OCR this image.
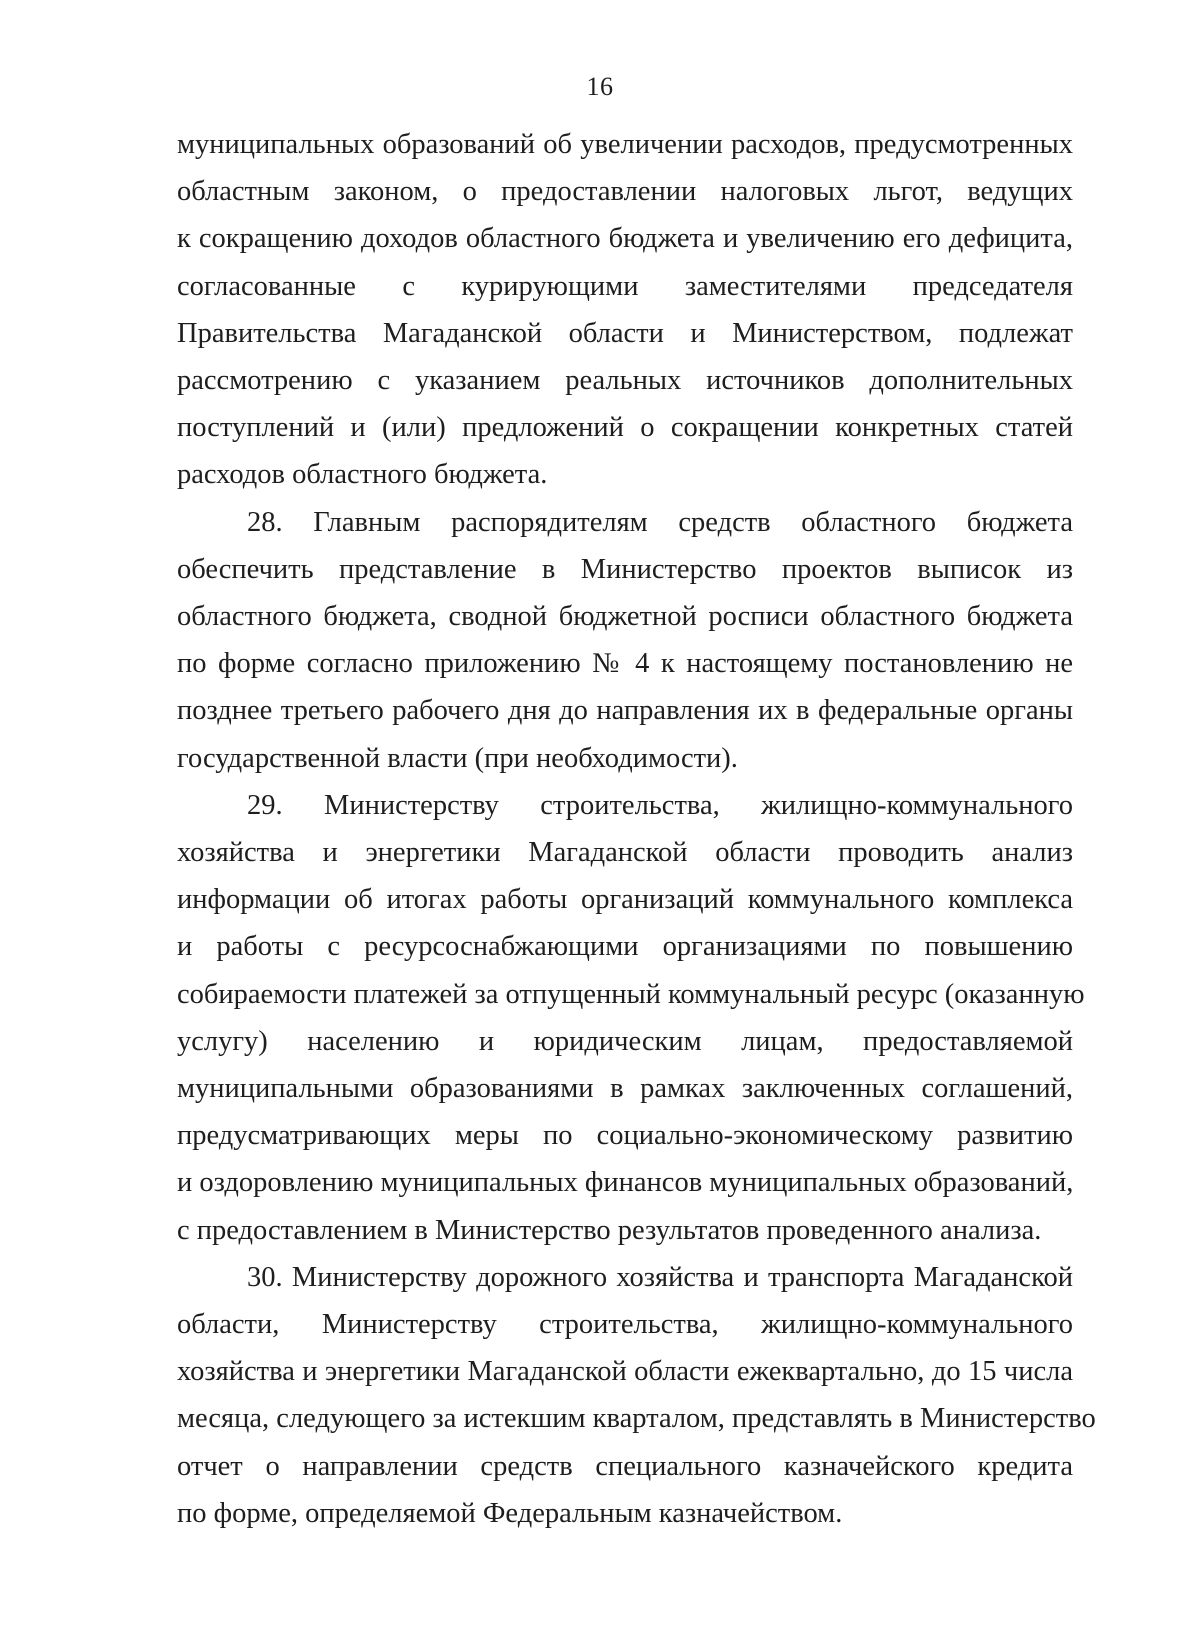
16
муниципальных образований об увеличении расходов, предусмотренных
областным законом, о предоставлении налоговых льгот, ведущих
к сокращению доходов областного бюджета и увеличению его дефицита,
согласованные с курирующими заместителями председателя
Правительства Магаданской области и Министерством, подлежат
рассмотрению с указанием реальных источников дополнительных
поступлений и (или) предложений о сокращении конкретных статей
расходов областного бюджета.
28. Главным распорядителям средств областного бюджета
обеспечить представление в Министерство проектов выписок из
областного бюджета, сводной бюджетной росписи областного бюджета
по форме согласно приложению № 4 к настоящему постановлению не
позднее третьего рабочего дня до направления их в федеральные органы
государственной власти (при необходимости).
29. Министерству строительства, жилищно-коммунального
хозяйства и энергетики Магаданской области проводить анализ
информации об итогах работы организаций коммунального комплекса
и работы с ресурсоснабжающими организациями по повышению
собираемости платежей за отпущенный коммунальный ресурс (оказанную
услугу) населению и юридическим лицам, предоставляемой
муниципальными образованиями в рамках заключенных соглашений,
предусматривающих меры по социально-экономическому развитию
и оздоровлению муниципальных финансов муниципальных образований,
с предоставлением в Министерство результатов проведенного анализа.
30. Министерству дорожного хозяйства и транспорта Магаданской
области, Министерству строительства, жилищно-коммунального
хозяйства и энергетики Магаданской области ежеквартально, до 15 числа
месяца, следующего за истекшим кварталом, представлять в Министерство
отчет о направлении средств специального казначейского кредита
по форме, определяемой Федеральным казначейством.
